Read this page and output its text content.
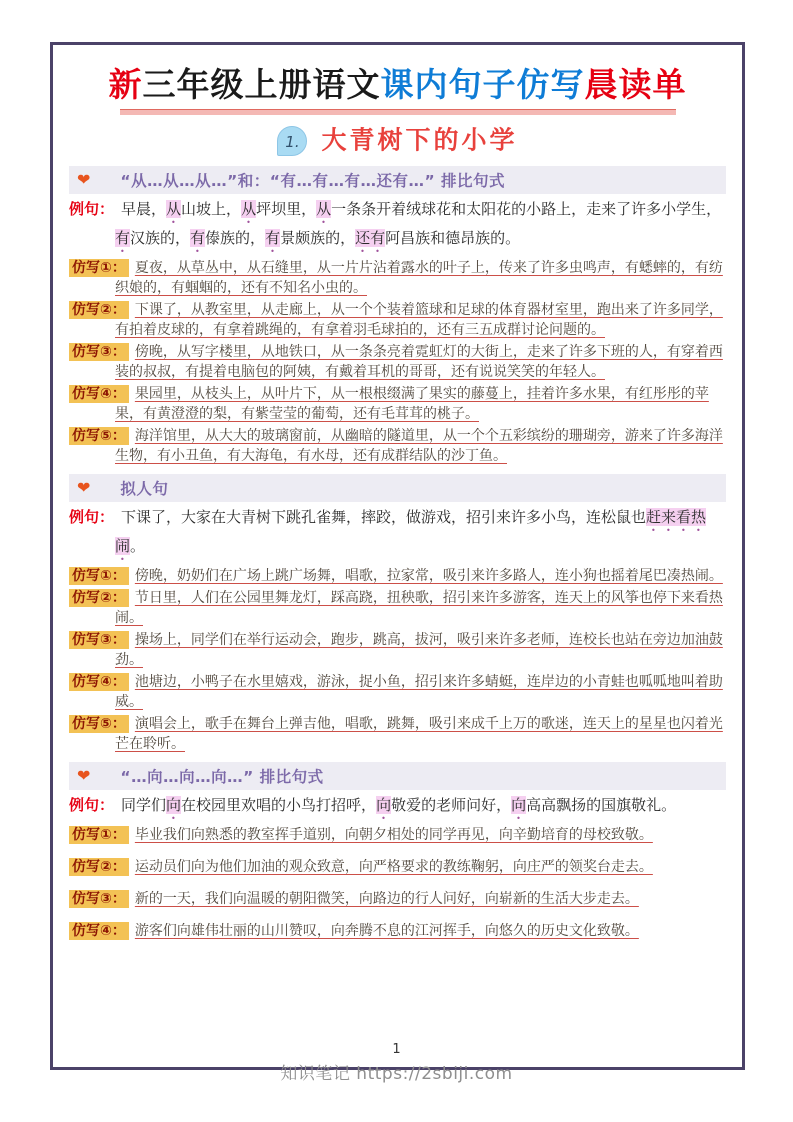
新三年级上册语文课内句子仿写晨读单
1. 大青树下的小学
❤ “从…从…从…”和：“有…有…有…还有…” 排比句式

例句： 早晨，从山坡上，从坪坝里，从一条条开着绒球花和太阳花的小路上，走来了许多小学生，有汉族的，有傣族的，有景颇族的，还有阿昌族和德昂族的。

仿写①： 夏夜，从草丛中，从石缝里，从一片片沾着露水的叶子上，传来了许多虫鸣声，有蟋蟀的，有纺织娘的，有蝈蝈的，还有不知名小虫的。

仿写②： 下课了，从教室里，从走廊上，从一个个装着篮球和足球的体育器材室里，跑出来了许多同学，有拍着皮球的，有拿着跳绳的，有拿着羽毛球拍的，还有三五成群讨论问题的。

仿写③： 傍晚，从写字楼里，从地铁口，从一条条亮着霓虹灯的大街上，走来了许多下班的人，有穿着西装的叔叔，有提着电脑包的阿姨，有戴着耳机的哥哥，还有说说笑笑的年轻人。

仿写④： 果园里，从枝头上，从叶片下，从一根根缀满了果实的藤蔓上，挂着许多水果，有红彤彤的苹果，有黄澄澄的梨，有紫莹莹的葡萄，还有毛茸茸的桃子。

仿写⑤： 海洋馆里，从大大的玻璃窗前，从幽暗的隧道里，从一个个五彩缤纷的珊瑚旁，游来了许多海洋生物，有小丑鱼，有大海龟，有水母，还有成群结队的沙丁鱼。

❤ 拟人句

例句： 下课了，大家在大青树下跳孔雀舞，摔跤，做游戏，招引来许多小鸟，连松鼠也赶来看热闹。

仿写①： 傍晚，奶奶们在广场上跳广场舞，唱歌，拉家常，吸引来许多路人，连小狗也摇着尾巴凑热闹。

仿写②： 节日里，人们在公园里舞龙灯，踩高跷，扭秧歌，招引来许多游客，连天上的风筝也停下来看热闹。

仿写③： 操场上，同学们在举行运动会，跑步，跳高，拔河，吸引来许多老师，连校长也站在旁边加油鼓劲。

仿写④： 池塘边，小鸭子在水里嬉戏，游泳，捉小鱼，招引来许多蜻蜓，连岸边的小青蛙也呱呱地叫着助威。

仿写⑤： 演唱会上，歌手在舞台上弹吉他，唱歌，跳舞，吸引来成千上万的歌迷，连天上的星星也闪着光芒在聆听。

❤ “…向…向…向…” 排比句式

例句： 同学们向在校园里欢唱的小鸟打招呼，向敬爱的老师问好，向高高飘扬的国旗敬礼。

仿写①： 毕业我们向熟悉的教室挥手道别，向朝夕相处的同学再见，向辛勤培育的母校致敬。

仿写②： 运动员们向为他们加油的观众致意，向严格要求的教练鞠躬，向庄严的领奖台走去。

仿写③： 新的一天，我们向温暖的朝阳微笑，向路边的行人问好，向崭新的生活大步走去。

仿写④： 游客们向雄伟壮丽的山川赞叹，向奔腾不息的江河挥手，向悠久的历史文化致敬。

1
知识笔记 https://2sbiji.com
